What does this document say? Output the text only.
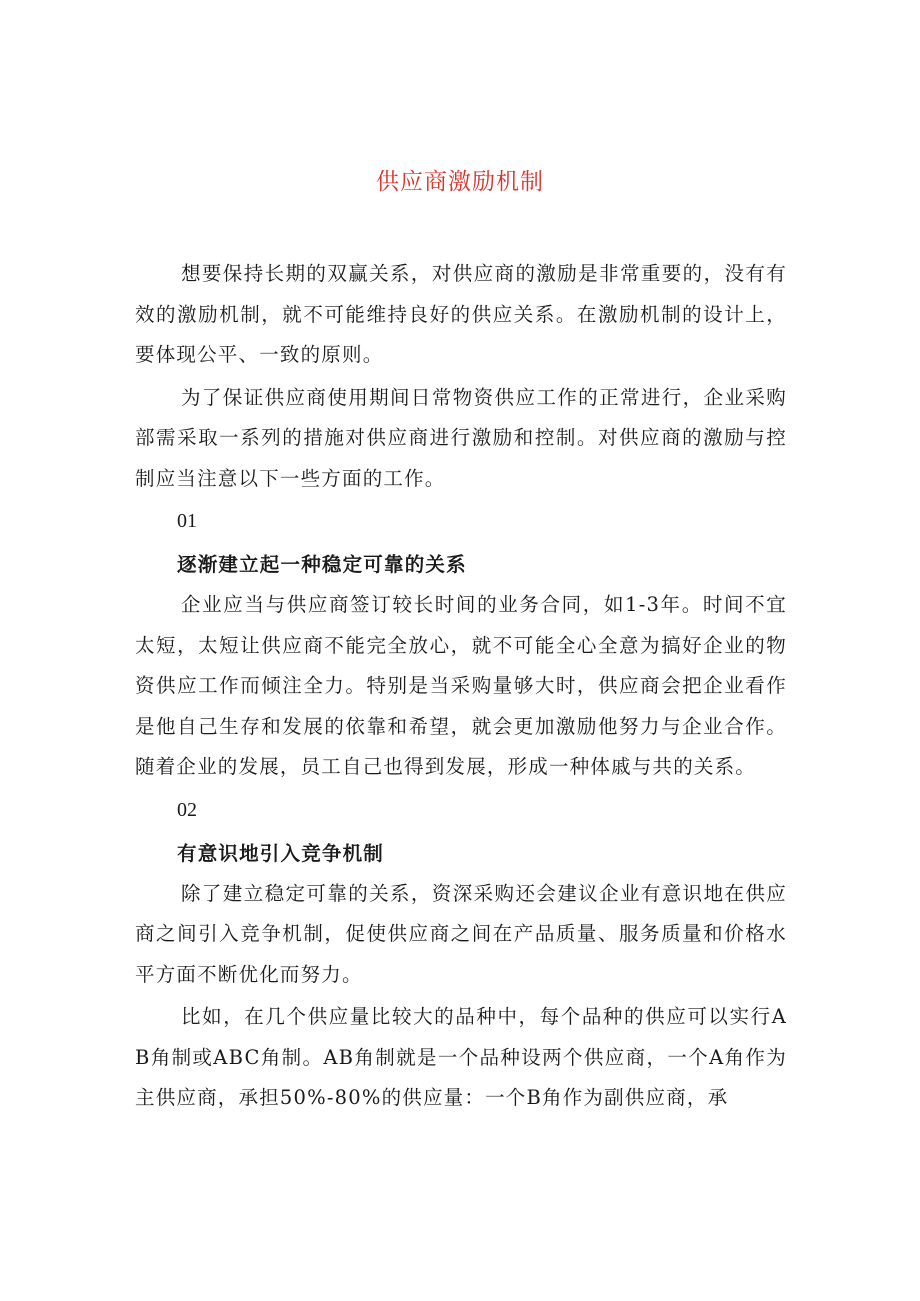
供应商激励机制

想要保持长期的双赢关系，对供应商的激励是非常重要的，没有有效的激励机制，就不可能维持良好的供应关系。在激励机制的设计上，要体现公平、一致的原则。

为了保证供应商使用期间日常物资供应工作的正常进行，企业采购部需采取一系列的措施对供应商进行激励和控制。对供应商的激励与控制应当注意以下一些方面的工作。

01
逐渐建立起一种稳定可靠的关系

企业应当与供应商签订较长时间的业务合同，如1-3年。时间不宜太短，太短让供应商不能完全放心，就不可能全心全意为搞好企业的物资供应工作而倾注全力。特别是当采购量够大时，供应商会把企业看作是他自己生存和发展的依靠和希望，就会更加激励他努力与企业合作。随着企业的发展，员工自己也得到发展，形成一种体戚与共的关系。

02
有意识地引入竞争机制

除了建立稳定可靠的关系，资深采购还会建议企业有意识地在供应商之间引入竞争机制，促使供应商之间在产品质量、服务质量和价格水平方面不断优化而努力。

比如，在几个供应量比较大的品种中，每个品种的供应可以实行AB角制或ABC角制。AB角制就是一个品种设两个供应商，一个A角作为主供应商，承担50%-80%的供应量：一个B角作为副供应商，承
